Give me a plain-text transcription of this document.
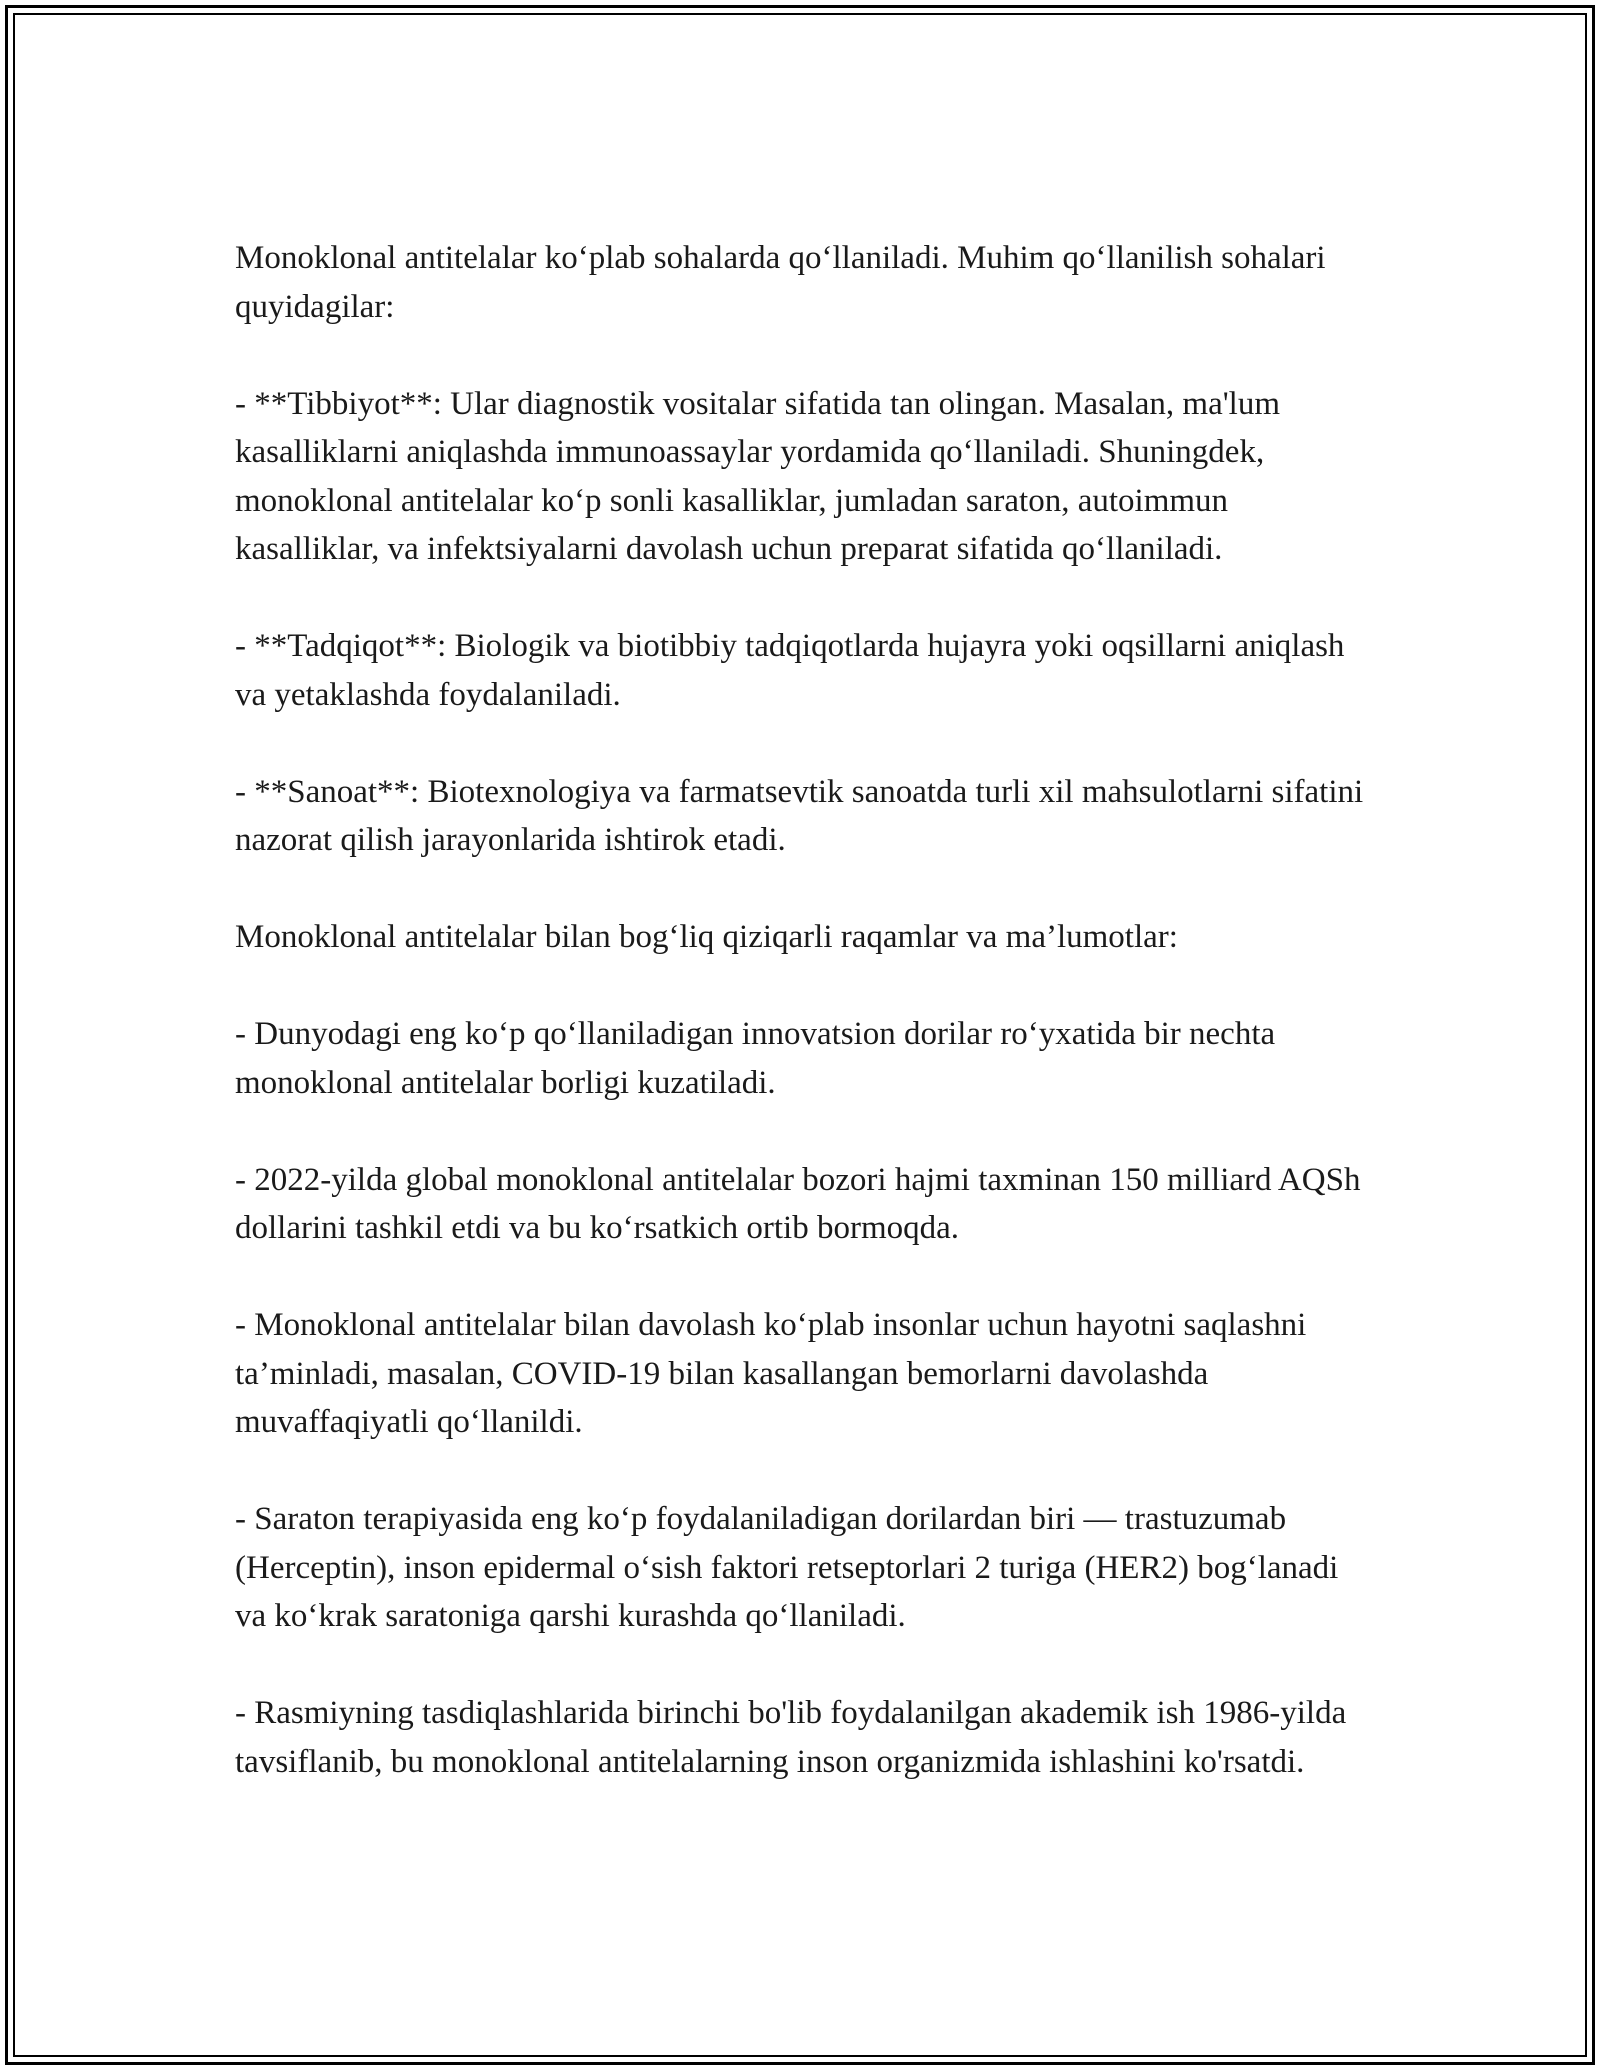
Monoklonal antitelalar ko‘plab sohalarda qo‘llaniladi. Muhim qo‘llanilish sohalari quyidagilar:

- **Tibbiyot**: Ular diagnostik vositalar sifatida tan olingan. Masalan, ma'lum kasalliklarni aniqlashda immunoassaylar yordamida qo‘llaniladi. Shuningdek, monoklonal antitelalar ko‘p sonli kasalliklar, jumladan saraton, autoimmun kasalliklar, va infektsiyalarni davolash uchun preparat sifatida qo‘llaniladi.

- **Tadqiqot**: Biologik va biotibbiy tadqiqotlarda hujayra yoki oqsillarni aniqlash va yetaklashda foydalaniladi.

- **Sanoat**: Biotexnologiya va farmatsevtik sanoatda turli xil mahsulotlarni sifatini nazorat qilish jarayonlarida ishtirok etadi.

Monoklonal antitelalar bilan bog‘liq qiziqarli raqamlar va ma’lumotlar:

- Dunyodagi eng ko‘p qo‘llaniladigan innovatsion dorilar ro‘yxatida bir nechta monoklonal antitelalar borligi kuzatiladi.

- 2022-yilda global monoklonal antitelalar bozori hajmi taxminan 150 milliard AQSh dollarini tashkil etdi va bu ko‘rsatkich ortib bormoqda.

- Monoklonal antitelalar bilan davolash ko‘plab insonlar uchun hayotni saqlashni ta’minladi, masalan, COVID-19 bilan kasallangan bemorlarni davolashda muvaffaqiyatli qo‘llanildi.

- Saraton terapiyasida eng ko‘p foydalaniladigan dorilardan biri — trastuzumab (Herceptin), inson epidermal o‘sish faktori retseptorlari 2 turiga (HER2) bog‘lanadi va ko‘krak saratoniga qarshi kurashda qo‘llaniladi.

- Rasmiyning tasdiqlashlarida birinchi bo'lib foydalanilgan akademik ish 1986-yilda tavsiflanib, bu monoklonal antitelalarning inson organizmida ishlashini ko'rsatdi.
